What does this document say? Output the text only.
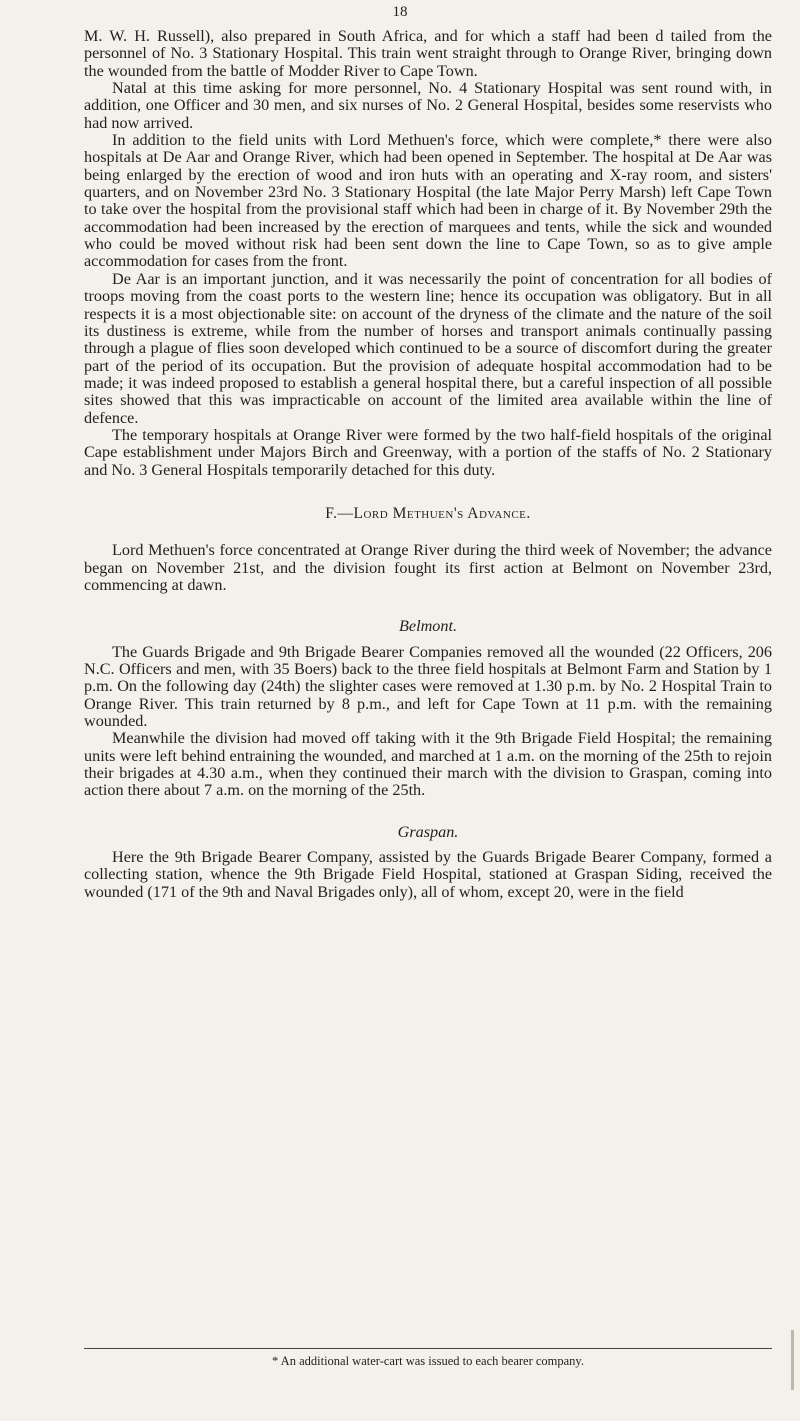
18

M. W. H. Russell), also prepared in South Africa, and for which a staff had been d tailed from the personnel of No. 3 Stationary Hospital. This train went straight through to Orange River, bringing down the wounded from the battle of Modder River to Cape Town.

Natal at this time asking for more personnel, No. 4 Stationary Hospital was sent round with, in addition, one Officer and 30 men, and six nurses of No. 2 General Hospital, besides some reservists who had now arrived.

In addition to the field units with Lord Methuen's force, which were complete,* there were also hospitals at De Aar and Orange River, which had been opened in September. The hospital at De Aar was being enlarged by the erection of wood and iron huts with an operating and X-ray room, and sisters' quarters, and on November 23rd No. 3 Stationary Hospital (the late Major Perry Marsh) left Cape Town to take over the hospital from the provisional staff which had been in charge of it. By November 29th the accommodation had been increased by the erection of marquees and tents, while the sick and wounded who could be moved without risk had been sent down the line to Cape Town, so as to give ample accommodation for cases from the front.

De Aar is an important junction, and it was necessarily the point of concentration for all bodies of troops moving from the coast ports to the western line; hence its occupation was obligatory. But in all respects it is a most objectionable site: on account of the dryness of the climate and the nature of the soil its dustiness is extreme, while from the number of horses and transport animals continually passing through a plague of flies soon developed which continued to be a source of discomfort during the greater part of the period of its occupation. But the provision of adequate hospital accommodation had to be made; it was indeed proposed to establish a general hospital there, but a careful inspection of all possible sites showed that this was impracticable on account of the limited area available within the line of defence.

The temporary hospitals at Orange River were formed by the two half-field hospitals of the original Cape establishment under Majors Birch and Greenway, with a portion of the staffs of No. 2 Stationary and No. 3 General Hospitals temporarily detached for this duty.

F.—Lord Methuen's Advance.

Lord Methuen's force concentrated at Orange River during the third week of November; the advance began on November 21st, and the division fought its first action at Belmont on November 23rd, commencing at dawn.

Belmont.

The Guards Brigade and 9th Brigade Bearer Companies removed all the wounded (22 Officers, 206 N.C. Officers and men, with 35 Boers) back to the three field hospitals at Belmont Farm and Station by 1 p.m. On the following day (24th) the slighter cases were removed at 1.30 p.m. by No. 2 Hospital Train to Orange River. This train returned by 8 p.m., and left for Cape Town at 11 p.m. with the remaining wounded.

Meanwhile the division had moved off taking with it the 9th Brigade Field Hospital; the remaining units were left behind entraining the wounded, and marched at 1 a.m. on the morning of the 25th to rejoin their brigades at 4.30 a.m., when they continued their march with the division to Graspan, coming into action there about 7 a.m. on the morning of the 25th.

Graspan.

Here the 9th Brigade Bearer Company, assisted by the Guards Brigade Bearer Company, formed a collecting station, whence the 9th Brigade Field Hospital, stationed at Graspan Siding, received the wounded (171 of the 9th and Naval Brigades only), all of whom, except 20, were in the field

* An additional water-cart was issued to each bearer company.
